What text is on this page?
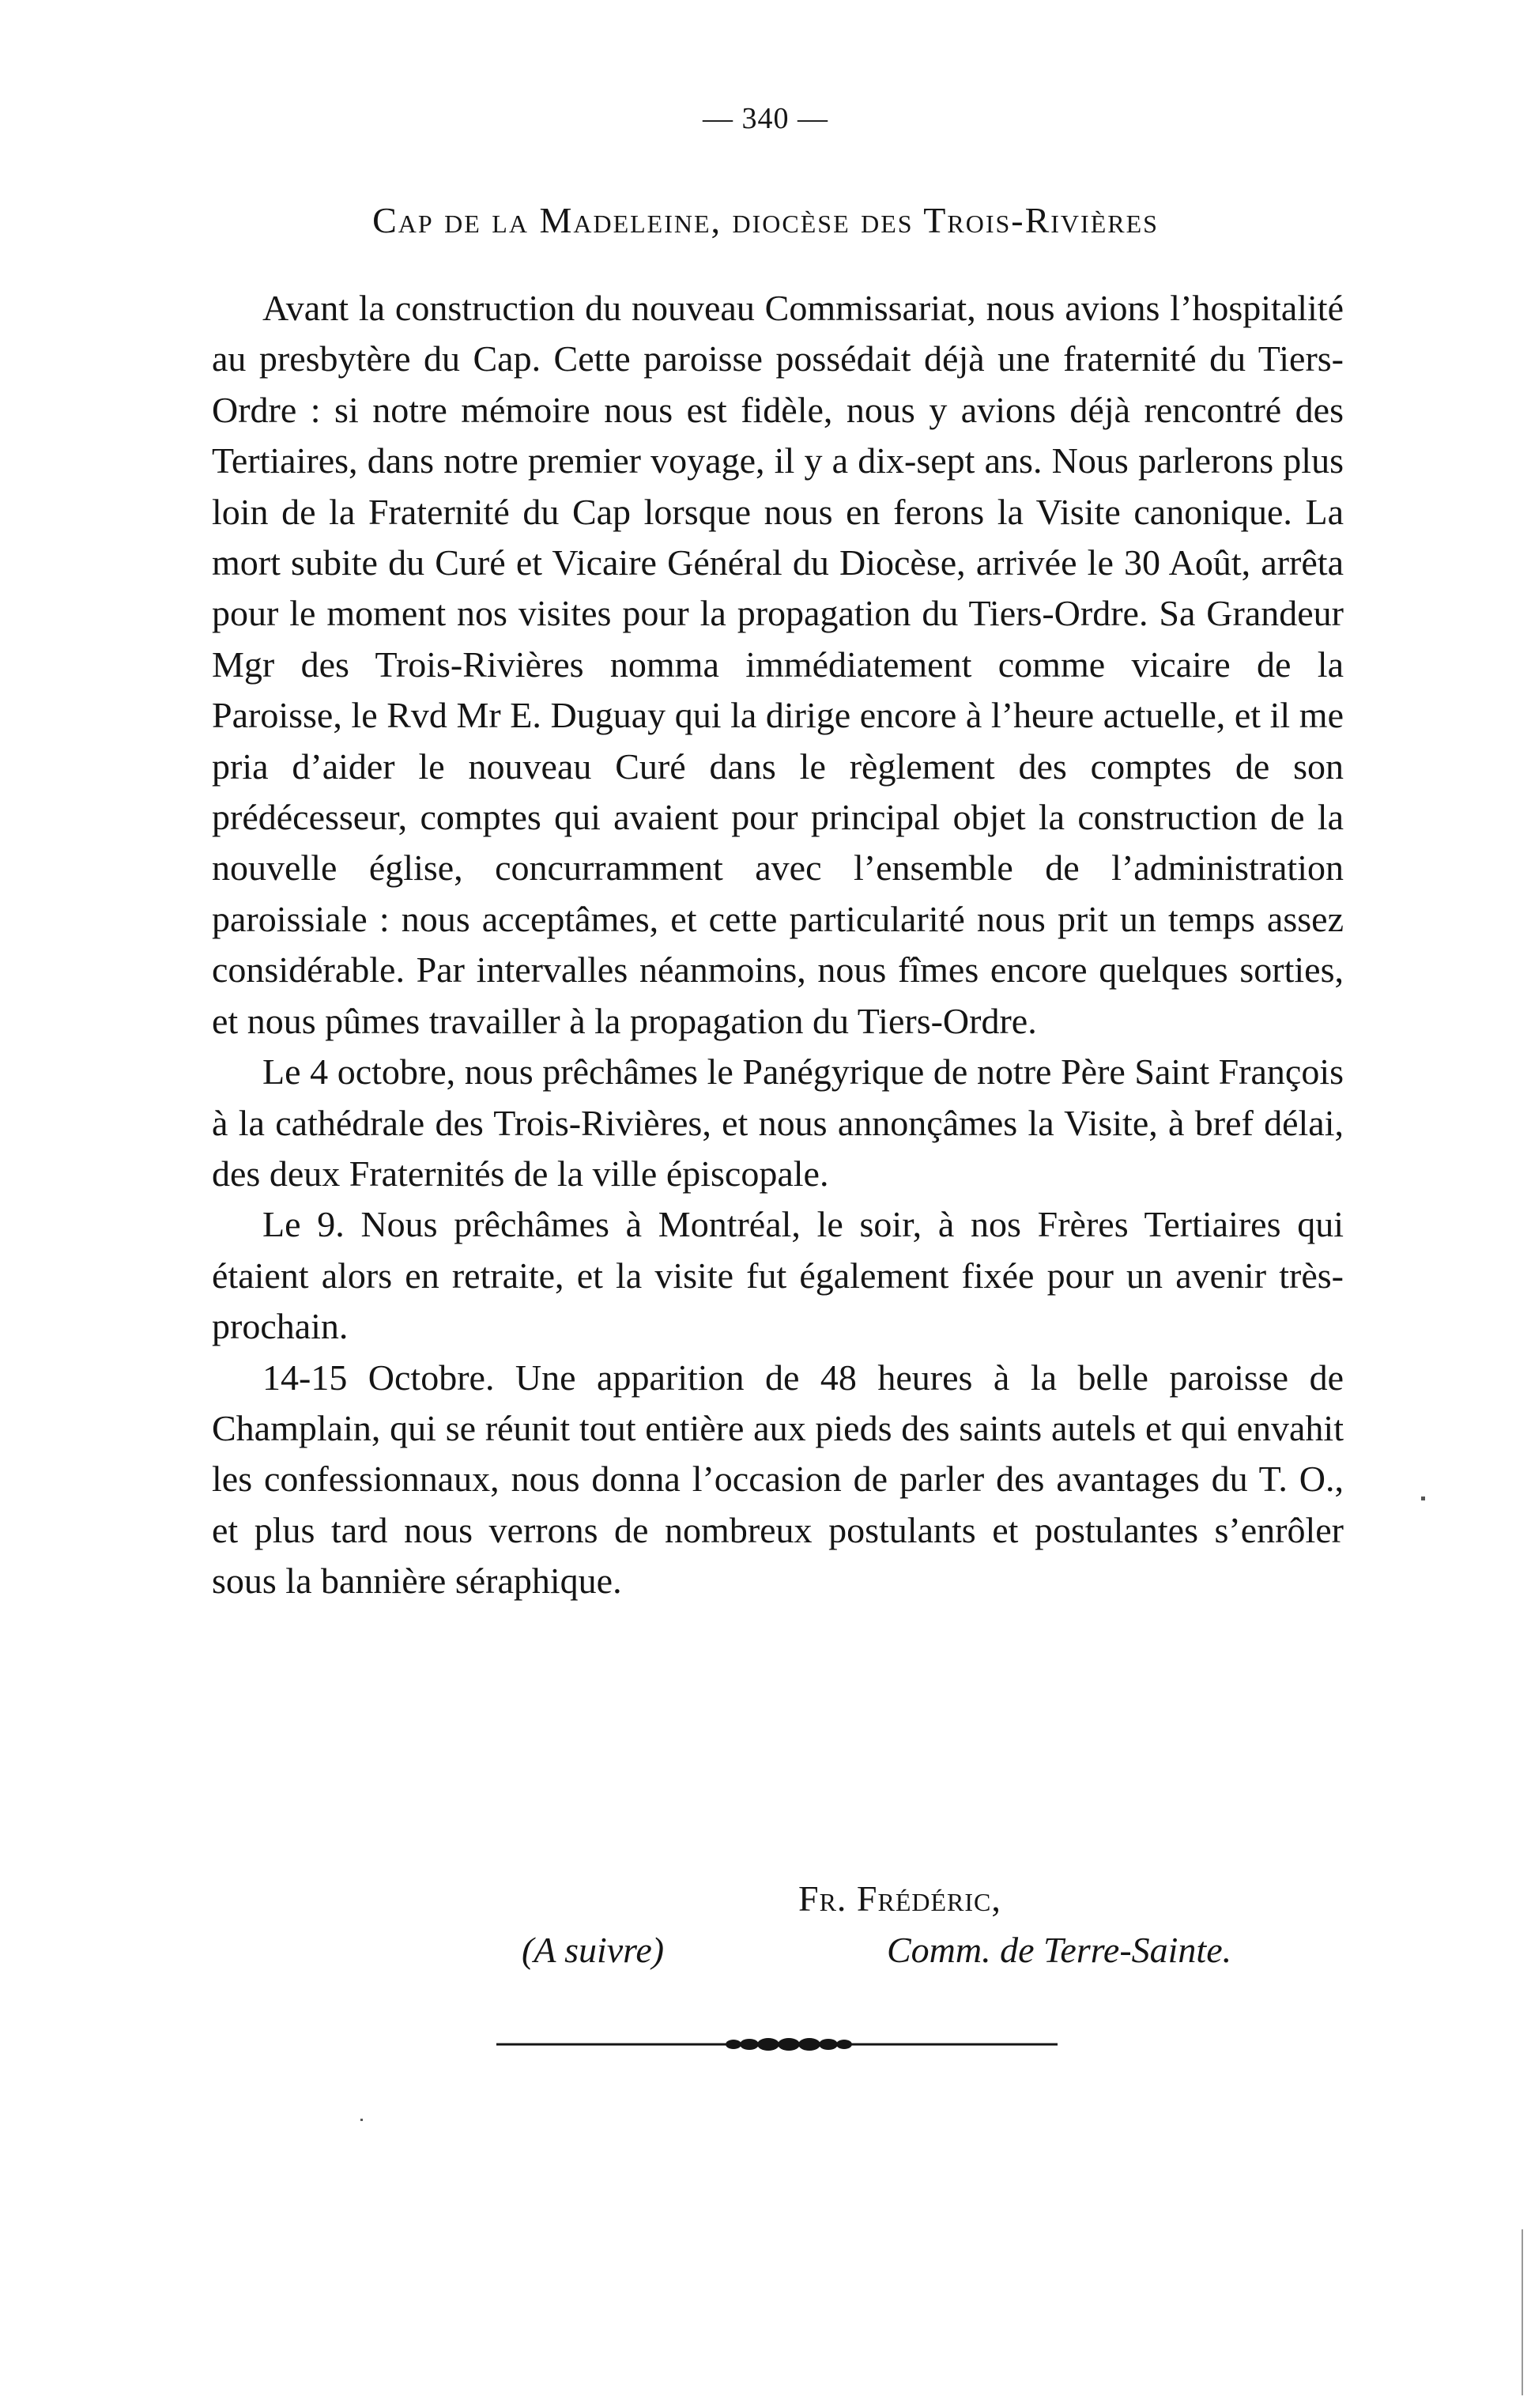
— 340 —
Cap de la Madeleine, diocèse des Trois-Rivières

Avant la construction du nouveau Commissariat, nous avions l’hospitalité au presbytère du Cap. Cette paroisse possédait déjà une fraternité du Tiers-Ordre : si notre mémoire nous est fidèle, nous y avions déjà rencontré des Tertiaires, dans notre premier voyage, il y a dix-sept ans. Nous parlerons plus loin de la Fraternité du Cap lorsque nous en ferons la Visite canonique. La mort subite du Curé et Vicaire Général du Diocèse, arrivée le 30 Août, arrêta pour le moment nos visites pour la propagation du Tiers-Ordre. Sa Grandeur Mgr des Trois-Rivières nomma immédiatement comme vicaire de la Paroisse, le Rvd Mr E. Duguay qui la dirige encore à l’heure actuelle, et il me pria d’aider le nouveau Curé dans le règlement des comptes de son prédécesseur, comptes qui avaient pour principal objet la construction de la nouvelle église, concurramment avec l’ensemble de l’administration paroissiale : nous acceptâmes, et cette particularité nous prit un temps assez considérable. Par intervalles néanmoins, nous fîmes encore quelques sorties, et nous pûmes travailler à la propagation du Tiers-Ordre.

Le 4 octobre, nous prêchâmes le Panégyrique de notre Père Saint François à la cathédrale des Trois-Rivières, et nous annonçâmes la Visite, à bref délai, des deux Fraternités de la ville épiscopale.

Le 9. Nous prêchâmes à Montréal, le soir, à nos Frères Tertiaires qui étaient alors en retraite, et la visite fut également fixée pour un avenir très-prochain.

14-15 Octobre. Une apparition de 48 heures à la belle paroisse de Champlain, qui se réunit tout entière aux pieds des saints autels et qui envahit les confessionnaux, nous donna l’occasion de parler des avantages du T. O., et plus tard nous verrons de nombreux postulants et postulantes s’enrôler sous la bannière séraphique.

Fr. Frédéric,
(A suivre)	Comm. de Terre-Sainte.
